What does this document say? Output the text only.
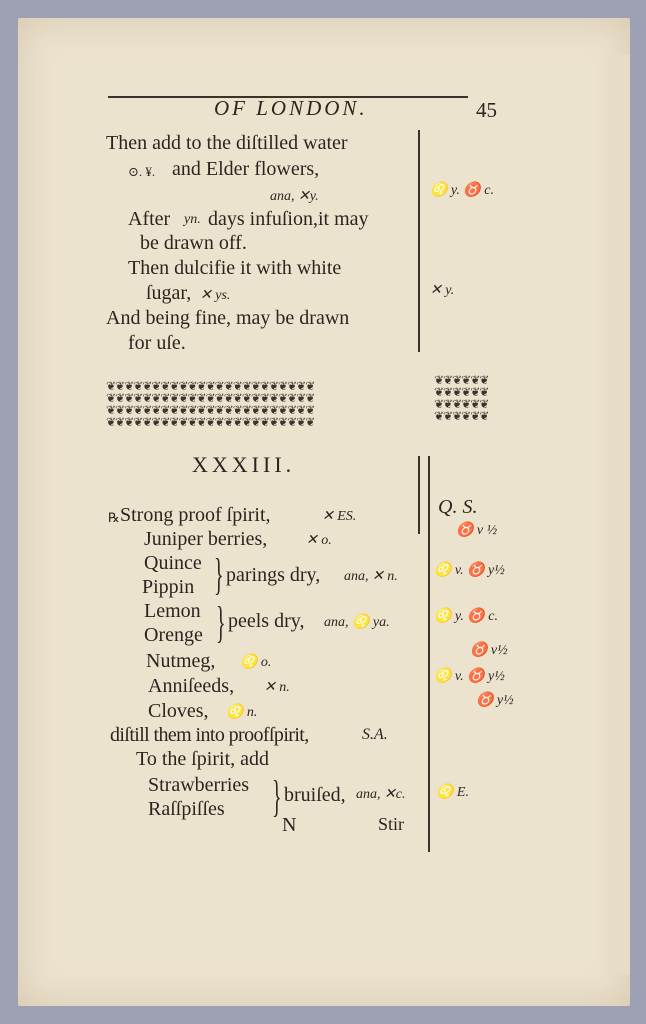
OF LONDON.	45
Then add to the diſtilled water
⊙. ¥. and Elder flowers,
ana, ✕y.
After yn. days infuſion,it may
be drawn off.
Then dulcifie it with white
ſugar, ✕ ys.
And being fine, may be drawn
for uſe.
♌ y. ♉ c.
✕ y.
❦❦❦❦❦❦❦❦❦❦❦❦❦❦❦❦❦❦❦❦❦❦❦
❦❦❦❦❦❦❦❦❦❦❦❦❦❦❦❦❦❦❦❦❦❦❦
❦❦❦❦❦❦❦❦❦❦❦❦❦❦❦❦❦❦❦❦❦❦❦
❦❦❦❦❦❦❦❦❦❦❦❦❦❦❦❦❦❦❦❦❦❦❦
❦❦❦❦❦❦
❦❦❦❦❦❦
❦❦❦❦❦❦
❦❦❦❦❦❦
XXXIII.
℞ Strong proof ſpirit,	✕ ES.
Juniper berries,	✕ o.
Quince
Pippin } parings dry, ana, ✕ n.
Lemon
Orenge } peels dry, ana, ♌ ya.
Nutmeg, ♌ o.
Anniſeeds, ✕ n.
Cloves, ♌ n.
diſtill them into proofſpirit,	S.A.
To the ſpirit, add
Strawberries
Raſſpiſſes } bruiſed, ana, ✕c.
N	Stir
Q. S.
♉ v ½
♌ v. ♉ y½
♌ y. ♉ c.
♉ v½
♌ v. ♉ y½
♉ y½
♌ E.
